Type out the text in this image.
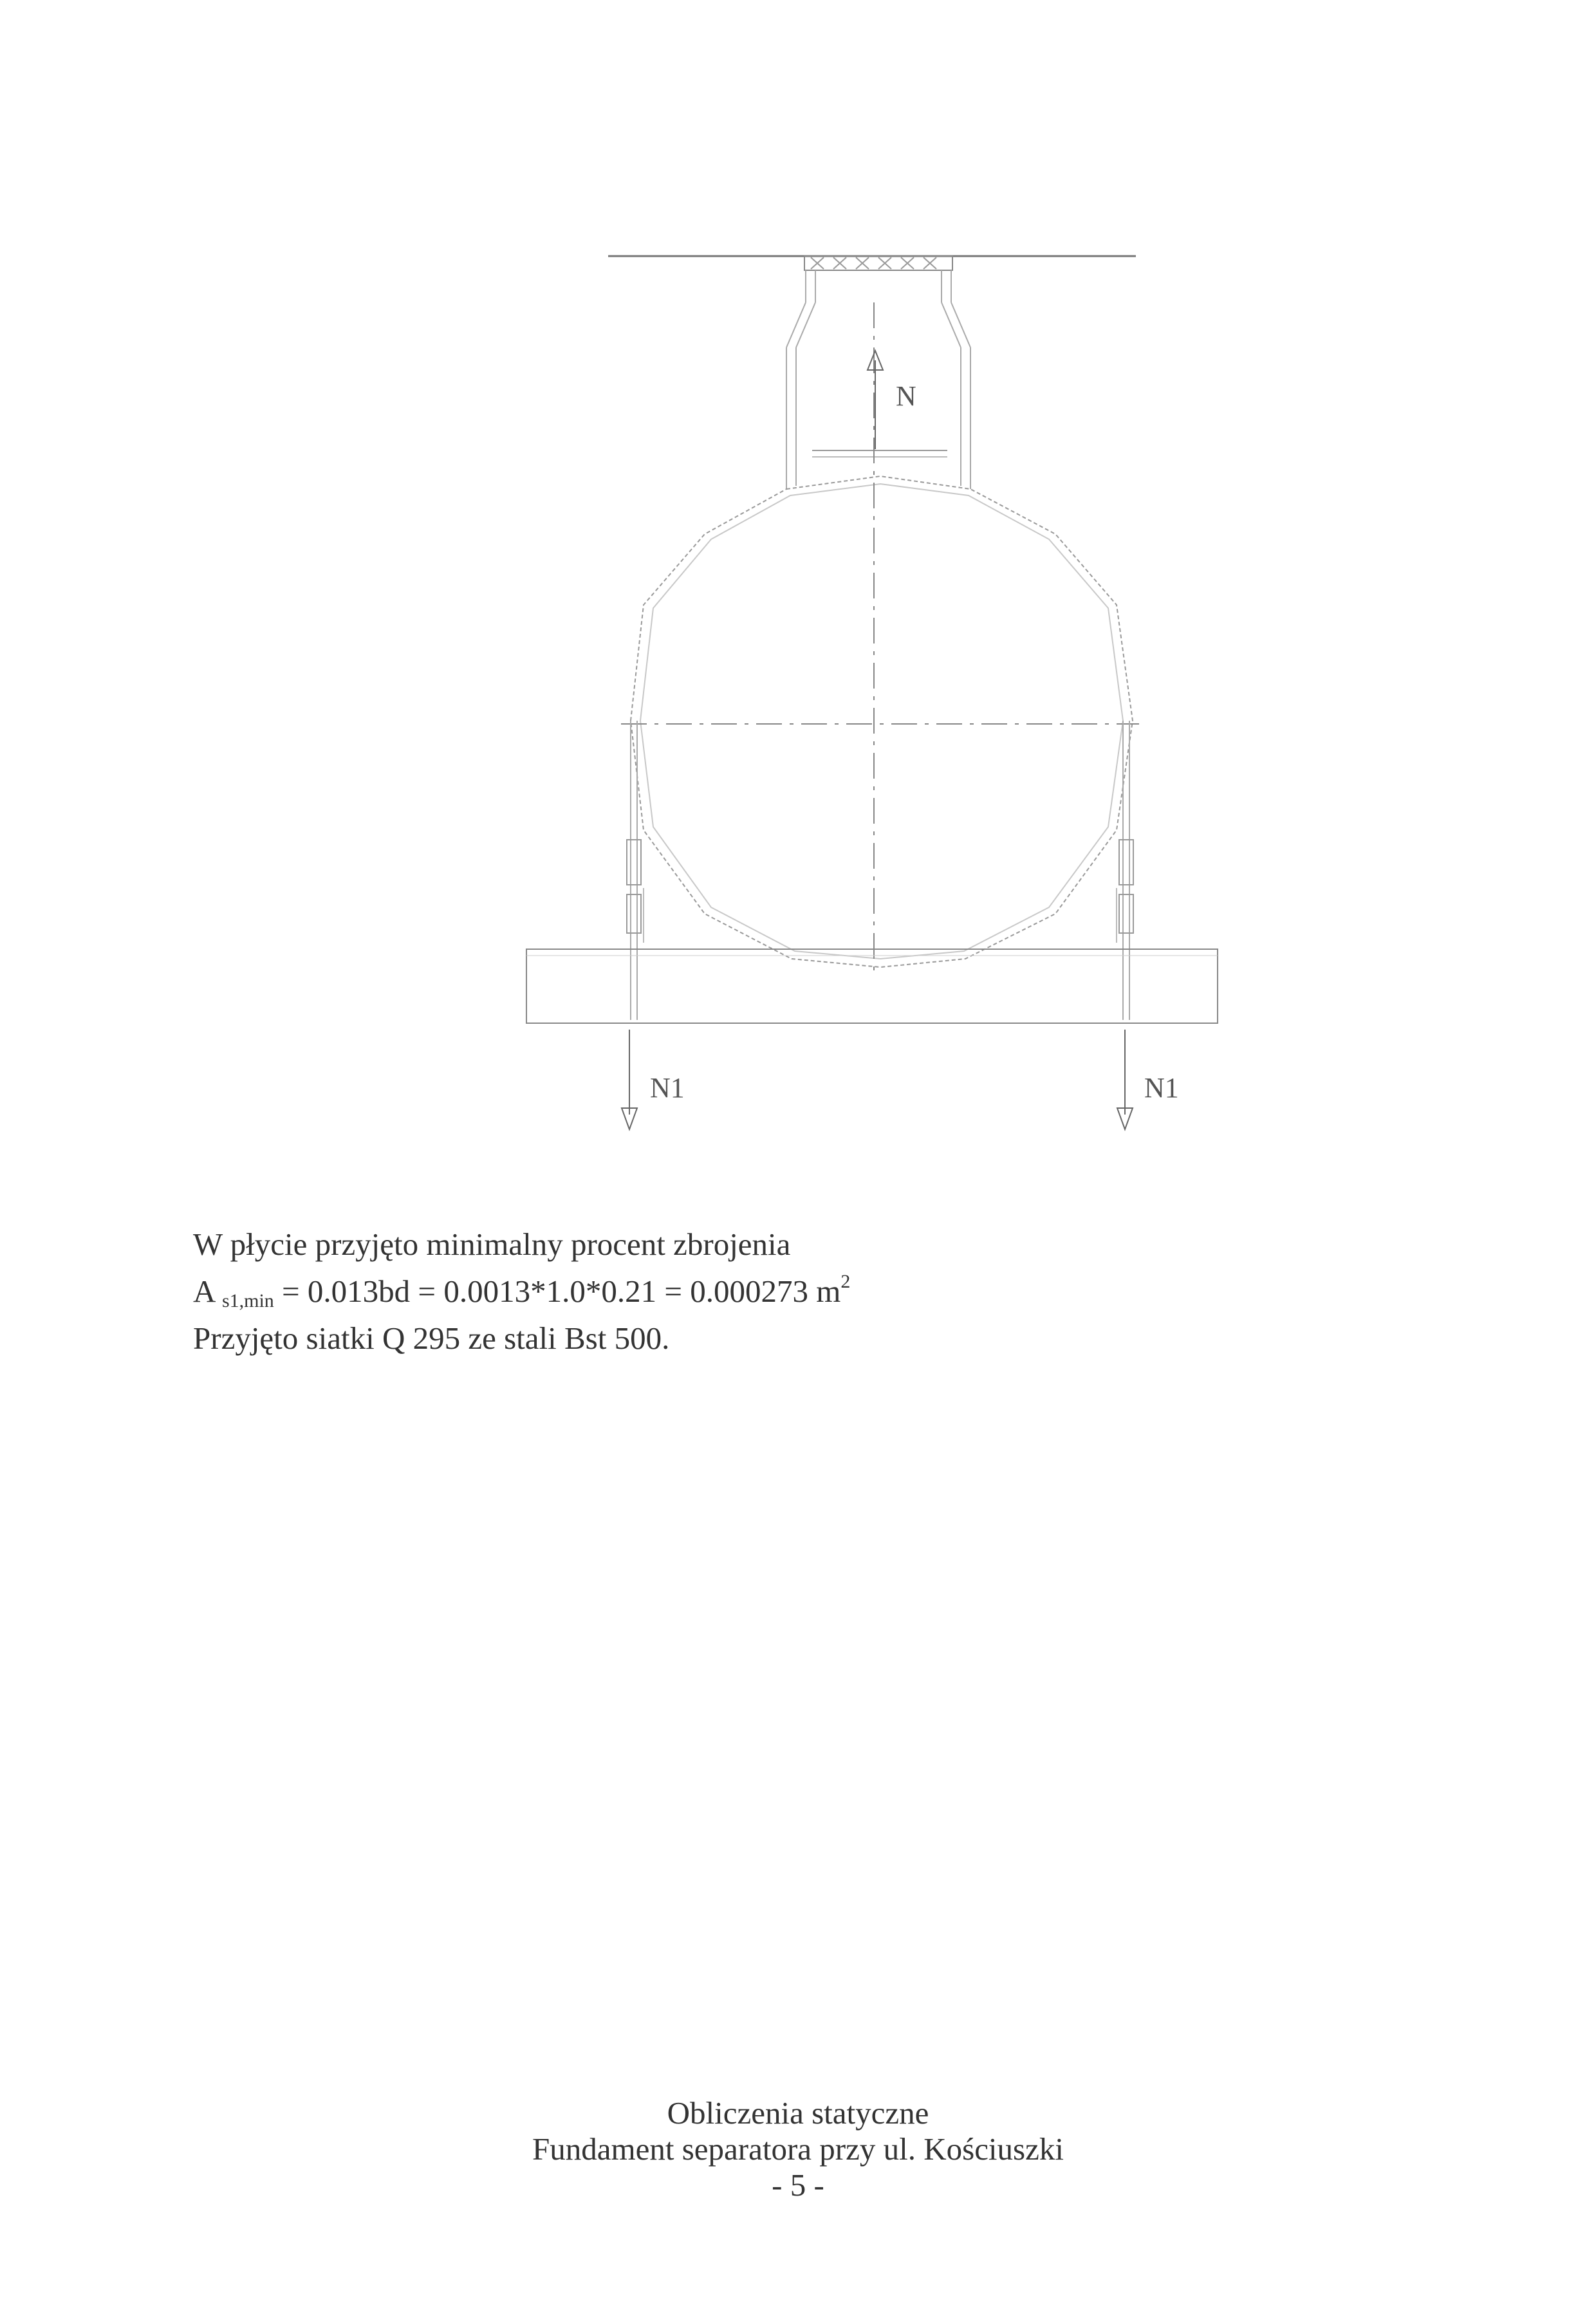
N
N1	N1
W płycie przyjęto minimalny procent zbrojenia
A $_{s1,min}$ = 0.013bd = 0.0013*1.0*0.21 = 0.000273 $m^2$
Przyjęto siatki Q 295 ze stali Bst 500.
Obliczenia statyczne
Fundament separatora przy ul. Kościuszki
- 5 -
